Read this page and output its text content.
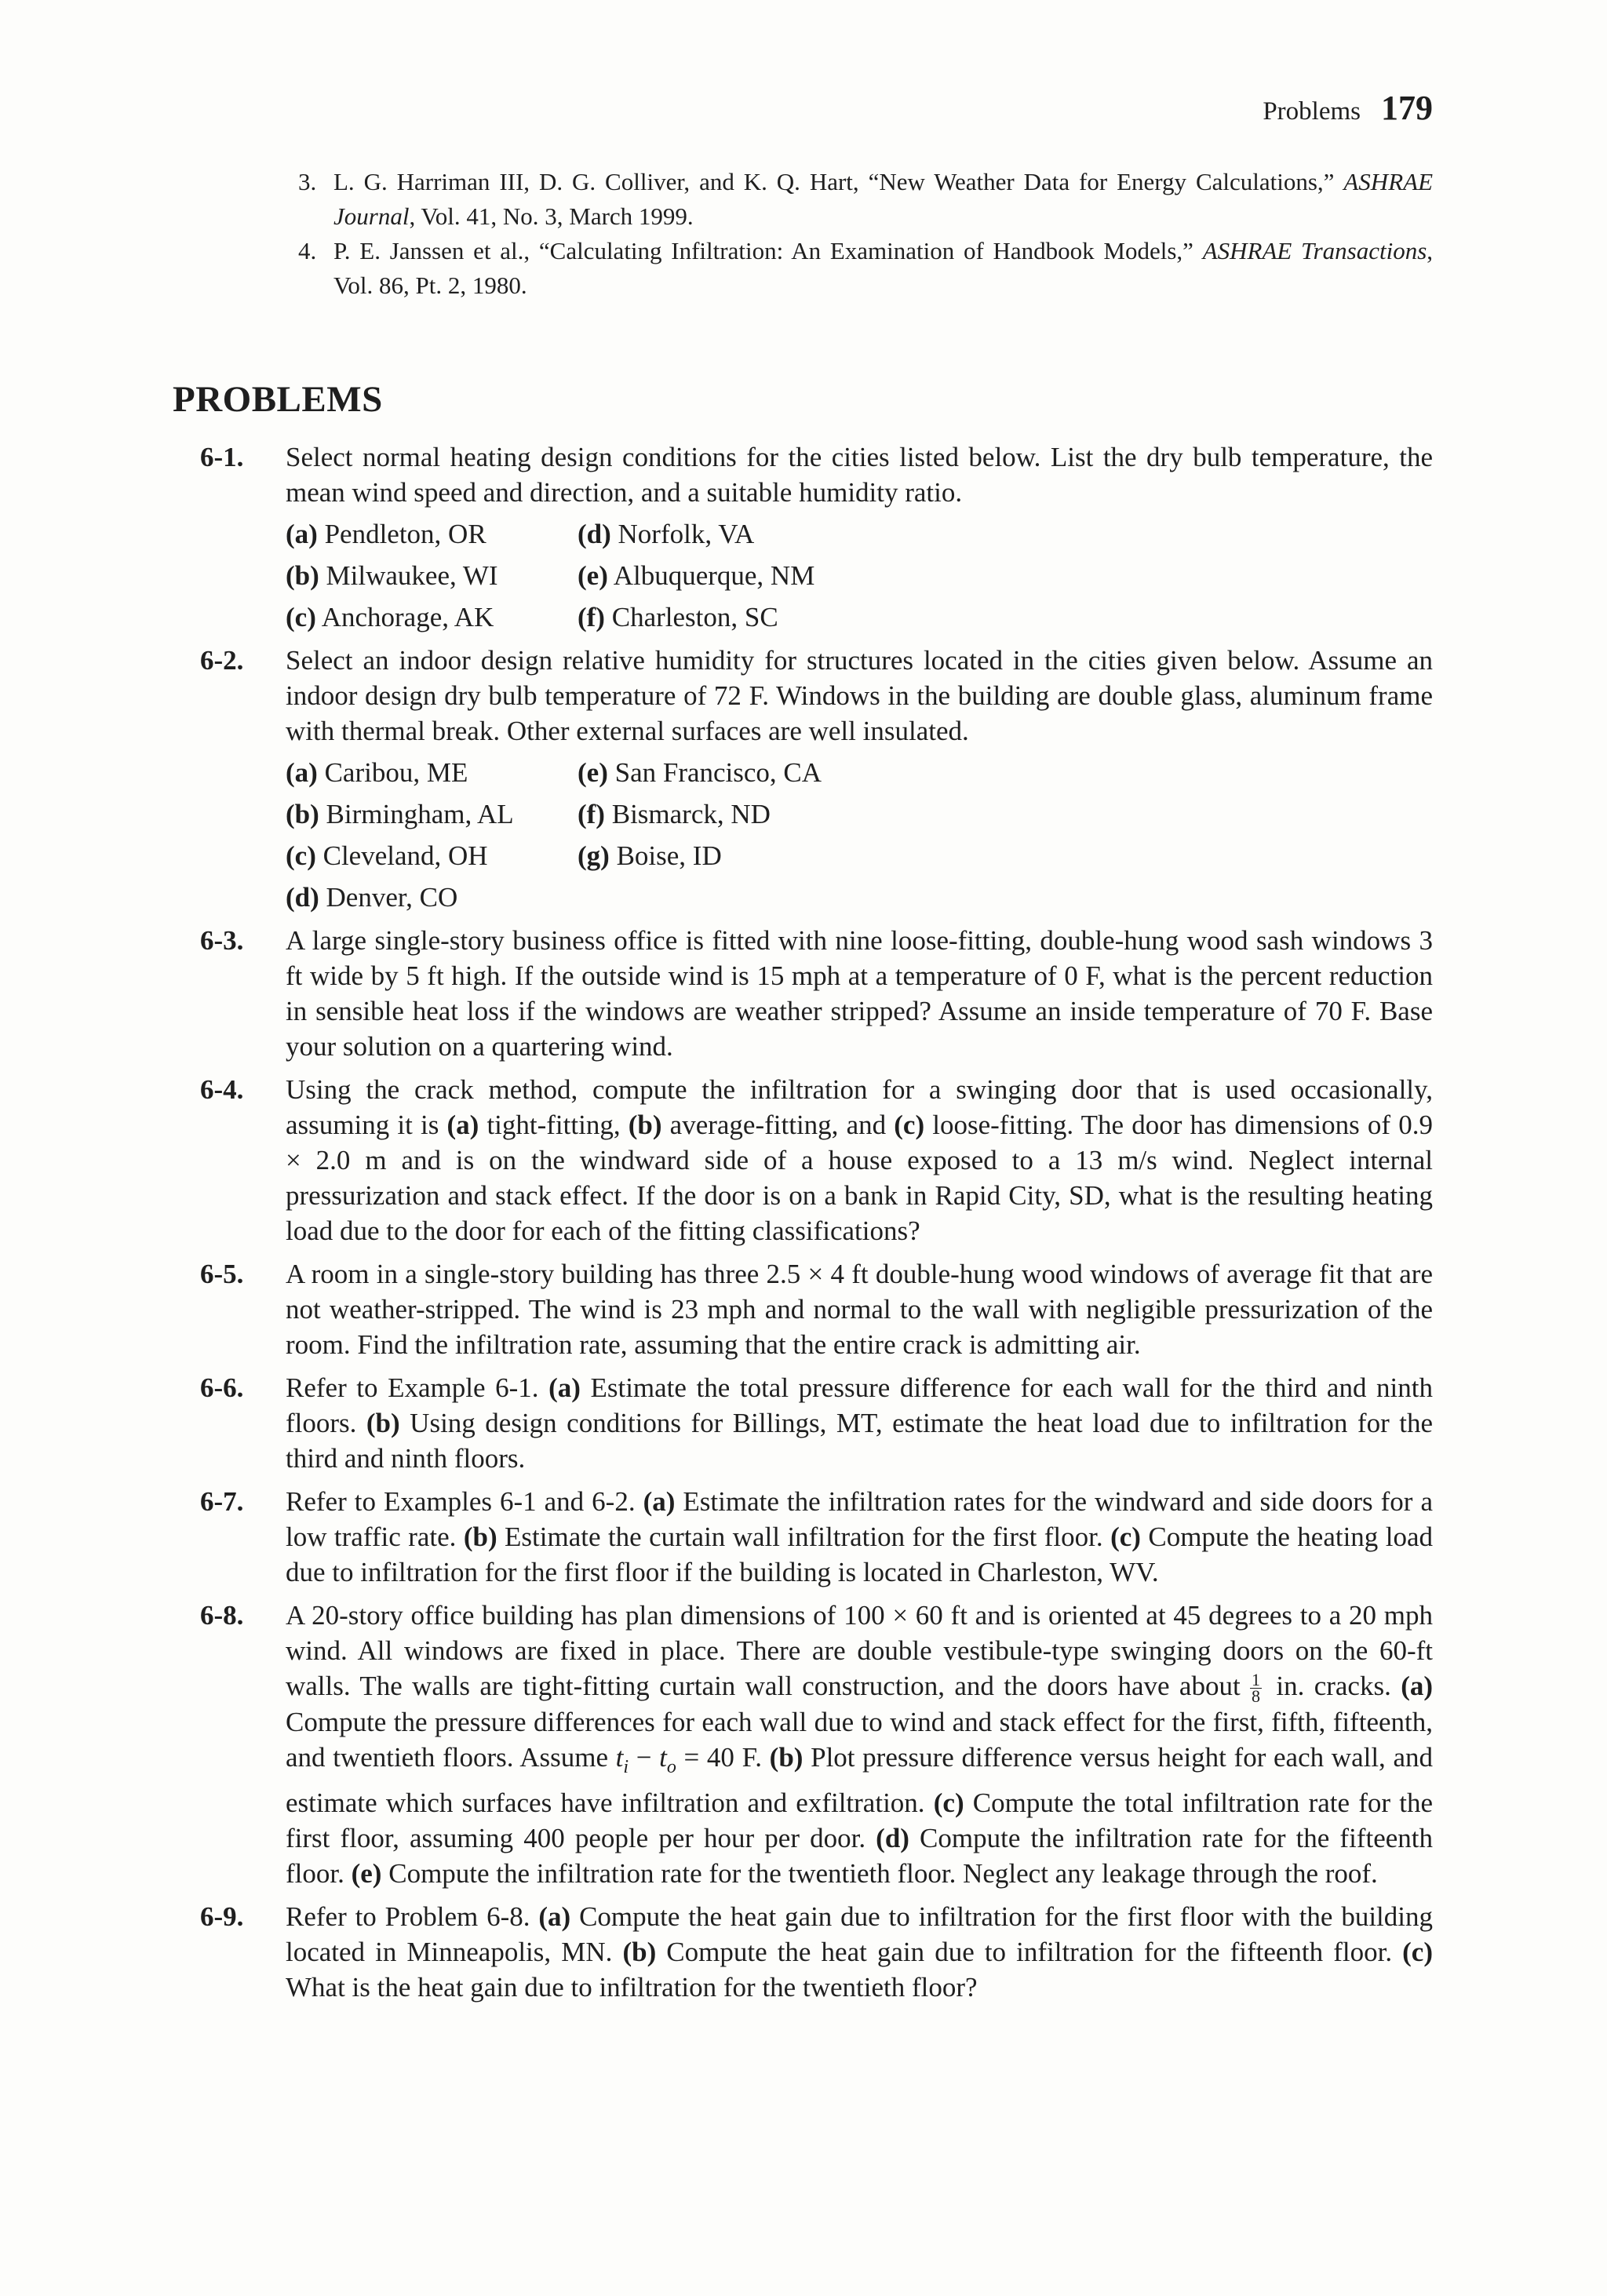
Problems 179
3. L. G. Harriman III, D. G. Colliver, and K. Q. Hart, “New Weather Data for Energy Calculations,” ASHRAE Journal, Vol. 41, No. 3, March 1999.
4. P. E. Janssen et al., “Calculating Infiltration: An Examination of Handbook Models,” ASHRAE Transactions, Vol. 86, Pt. 2, 1980.
PROBLEMS
6-1. Select normal heating design conditions for the cities listed below. List the dry bulb temperature, the mean wind speed and direction, and a suitable humidity ratio.
(a) Pendleton, OR	(d) Norfolk, VA
(b) Milwaukee, WI	(e) Albuquerque, NM
(c) Anchorage, AK	(f) Charleston, SC
6-2. Select an indoor design relative humidity for structures located in the cities given below. Assume an indoor design dry bulb temperature of 72 F. Windows in the building are double glass, aluminum frame with thermal break. Other external surfaces are well insulated.
(a) Caribou, ME	(e) San Francisco, CA
(b) Birmingham, AL	(f) Bismarck, ND
(c) Cleveland, OH	(g) Boise, ID
(d) Denver, CO
6-3. A large single-story business office is fitted with nine loose-fitting, double-hung wood sash windows 3 ft wide by 5 ft high. If the outside wind is 15 mph at a temperature of 0 F, what is the percent reduction in sensible heat loss if the windows are weather stripped? Assume an inside temperature of 70 F. Base your solution on a quartering wind.
6-4. Using the crack method, compute the infiltration for a swinging door that is used occasionally, assuming it is (a) tight-fitting, (b) average-fitting, and (c) loose-fitting. The door has dimensions of 0.9 × 2.0 m and is on the windward side of a house exposed to a 13 m/s wind. Neglect internal pressurization and stack effect. If the door is on a bank in Rapid City, SD, what is the resulting heating load due to the door for each of the fitting classifications?
6-5. A room in a single-story building has three 2.5 × 4 ft double-hung wood windows of average fit that are not weather-stripped. The wind is 23 mph and normal to the wall with negligible pressurization of the room. Find the infiltration rate, assuming that the entire crack is admitting air.
6-6. Refer to Example 6-1. (a) Estimate the total pressure difference for each wall for the third and ninth floors. (b) Using design conditions for Billings, MT, estimate the heat load due to infiltration for the third and ninth floors.
6-7. Refer to Examples 6-1 and 6-2. (a) Estimate the infiltration rates for the windward and side doors for a low traffic rate. (b) Estimate the curtain wall infiltration for the first floor. (c) Compute the heating load due to infiltration for the first floor if the building is located in Charleston, WV.
6-8. A 20-story office building has plan dimensions of 100 × 60 ft and is oriented at 45 degrees to a 20 mph wind. All windows are fixed in place. There are double vestibule-type swinging doors on the 60-ft walls. The walls are tight-fitting curtain wall construction, and the doors have about $\frac{1}{8}$ in. cracks. (a) Compute the pressure differences for each wall due to wind and stack effect for the first, fifth, fifteenth, and twentieth floors. Assume $t_i - t_o = 40$ F. (b) Plot pressure difference versus height for each wall, and estimate which surfaces have infiltration and exfiltration. (c) Compute the total infiltration rate for the first floor, assuming 400 people per hour per door. (d) Compute the infiltration rate for the fifteenth floor. (e) Compute the infiltration rate for the twentieth floor. Neglect any leakage through the roof.
6-9. Refer to Problem 6-8. (a) Compute the heat gain due to infiltration for the first floor with the building located in Minneapolis, MN. (b) Compute the heat gain due to infiltration for the fifteenth floor. (c) What is the heat gain due to infiltration for the twentieth floor?
